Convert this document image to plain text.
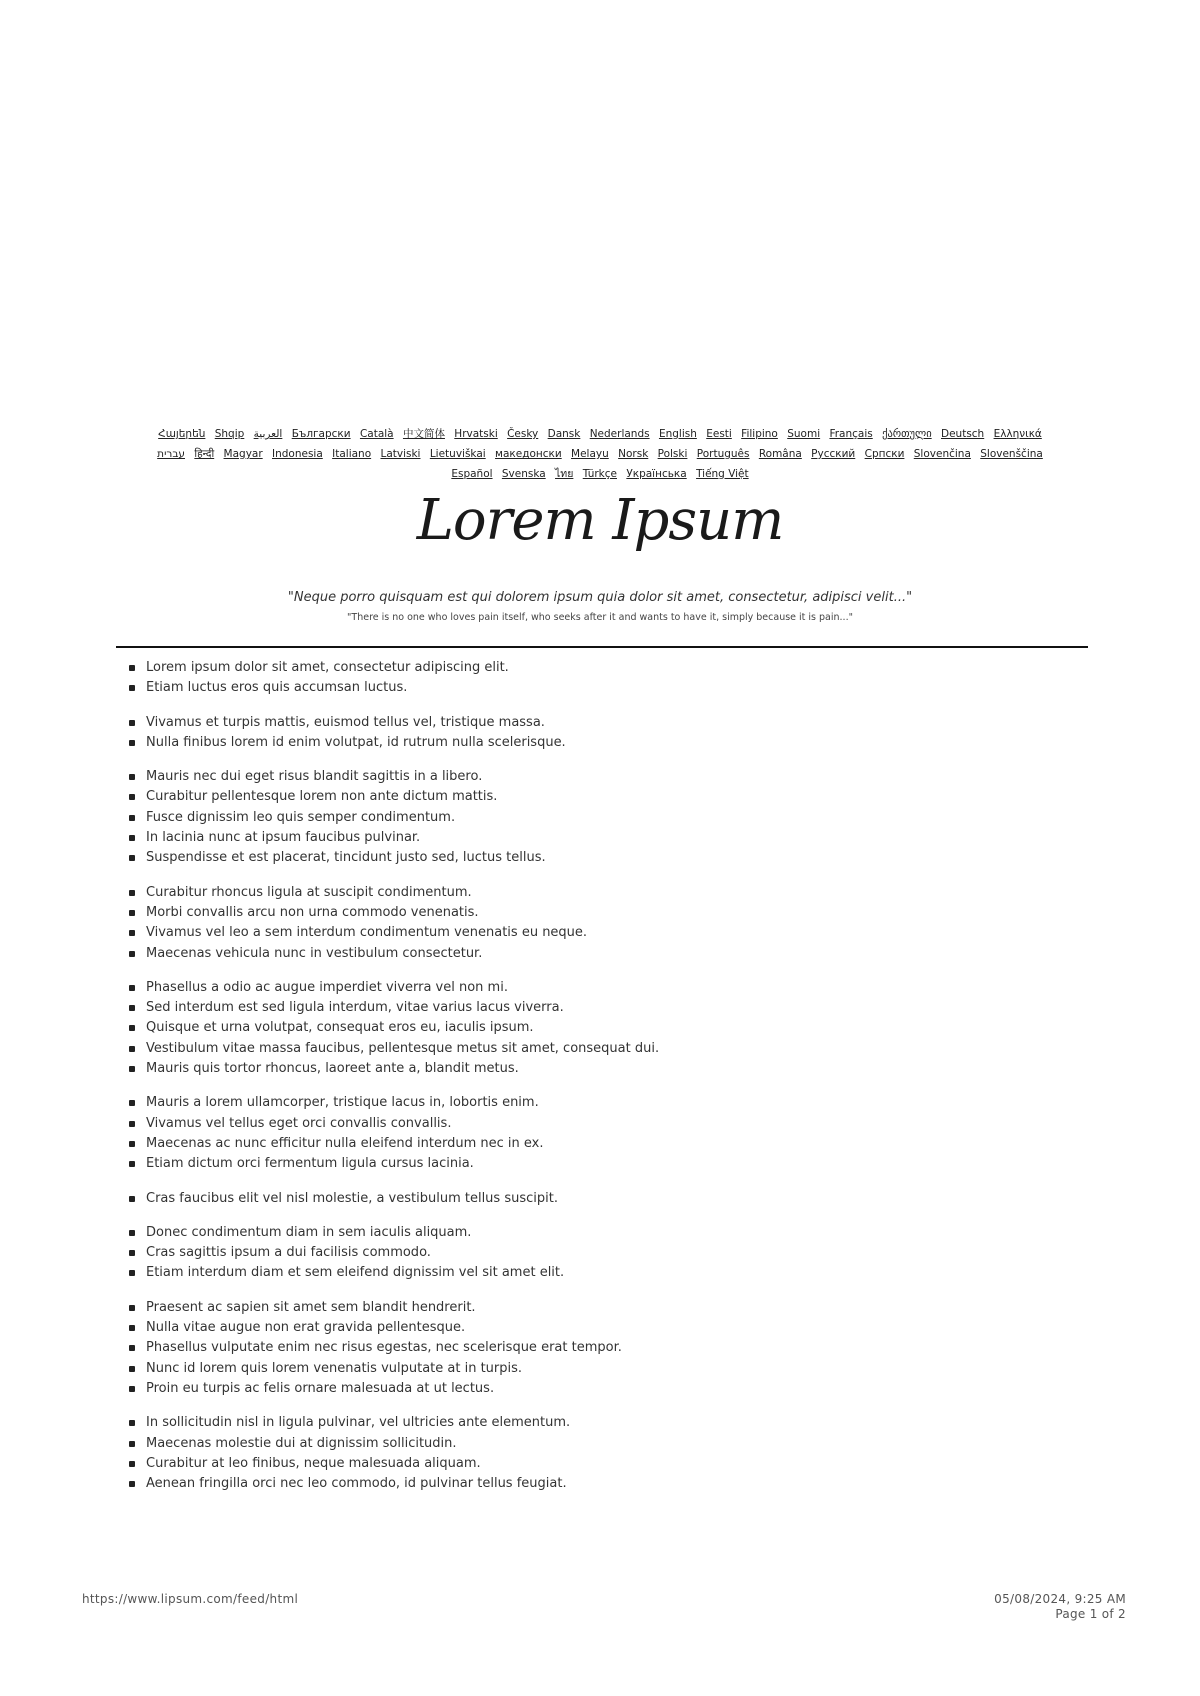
Հայերեն Shqip العربية Български Català 中文简体 Hrvatski Česky Dansk Nederlands English Eesti Filipino Suomi Français ქართული Deutsch Ελληνικά עברית हिन्दी Magyar Indonesia Italiano Latviski Lietuviškai македонски Melayu Norsk Polski Português Româna Pyccкий Српски Slovenčina Slovenščina Español Svenska ไทย Türkçe Українська Tiếng Việt
Lorem Ipsum
"Neque porro quisquam est qui dolorem ipsum quia dolor sit amet, consectetur, adipisci velit..."
"There is no one who loves pain itself, who seeks after it and wants to have it, simply because it is pain..."
Lorem ipsum dolor sit amet, consectetur adipiscing elit.
Etiam luctus eros quis accumsan luctus.
Vivamus et turpis mattis, euismod tellus vel, tristique massa.
Nulla finibus lorem id enim volutpat, id rutrum nulla scelerisque.
Mauris nec dui eget risus blandit sagittis in a libero.
Curabitur pellentesque lorem non ante dictum mattis.
Fusce dignissim leo quis semper condimentum.
In lacinia nunc at ipsum faucibus pulvinar.
Suspendisse et est placerat, tincidunt justo sed, luctus tellus.
Curabitur rhoncus ligula at suscipit condimentum.
Morbi convallis arcu non urna commodo venenatis.
Vivamus vel leo a sem interdum condimentum venenatis eu neque.
Maecenas vehicula nunc in vestibulum consectetur.
Phasellus a odio ac augue imperdiet viverra vel non mi.
Sed interdum est sed ligula interdum, vitae varius lacus viverra.
Quisque et urna volutpat, consequat eros eu, iaculis ipsum.
Vestibulum vitae massa faucibus, pellentesque metus sit amet, consequat dui.
Mauris quis tortor rhoncus, laoreet ante a, blandit metus.
Mauris a lorem ullamcorper, tristique lacus in, lobortis enim.
Vivamus vel tellus eget orci convallis convallis.
Maecenas ac nunc efficitur nulla eleifend interdum nec in ex.
Etiam dictum orci fermentum ligula cursus lacinia.
Cras faucibus elit vel nisl molestie, a vestibulum tellus suscipit.
Donec condimentum diam in sem iaculis aliquam.
Cras sagittis ipsum a dui facilisis commodo.
Etiam interdum diam et sem eleifend dignissim vel sit amet elit.
Praesent ac sapien sit amet sem blandit hendrerit.
Nulla vitae augue non erat gravida pellentesque.
Phasellus vulputate enim nec risus egestas, nec scelerisque erat tempor.
Nunc id lorem quis lorem venenatis vulputate at in turpis.
Proin eu turpis ac felis ornare malesuada at ut lectus.
In sollicitudin nisl in ligula pulvinar, vel ultricies ante elementum.
Maecenas molestie dui at dignissim sollicitudin.
Curabitur at leo finibus, neque malesuada aliquam.
Aenean fringilla orci nec leo commodo, id pulvinar tellus feugiat.
https://www.lipsum.com/feed/html	05/08/2024, 9:25 AM
Page 1 of 2
